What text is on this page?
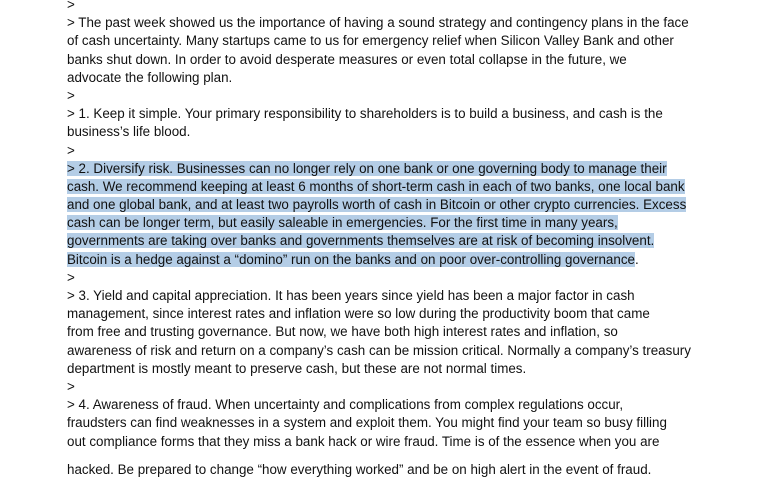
>
> The past week showed us the importance of having a sound strategy and contingency plans in the face
of cash uncertainty. Many startups came to us for emergency relief when Silicon Valley Bank and other
banks shut down. In order to avoid desperate measures or even total collapse in the future, we
advocate the following plan.
>
> 1. Keep it simple. Your primary responsibility to shareholders is to build a business, and cash is the
business’s life blood.
>
> 2. Diversify risk. Businesses can no longer rely on one bank or one governing body to manage their
cash. We recommend keeping at least 6 months of short-term cash in each of two banks, one local bank
and one global bank, and at least two payrolls worth of cash in Bitcoin or other crypto currencies. Excess
cash can be longer term, but easily saleable in emergencies. For the first time in many years,
governments are taking over banks and governments themselves are at risk of becoming insolvent.
Bitcoin is a hedge against a “domino” run on the banks and on poor over-controlling governance.
>
> 3. Yield and capital appreciation. It has been years since yield has been a major factor in cash
management, since interest rates and inflation were so low during the productivity boom that came
from free and trusting governance. But now, we have both high interest rates and inflation, so
awareness of risk and return on a company’s cash can be mission critical. Normally a company’s treasury
department is mostly meant to preserve cash, but these are not normal times.
>
> 4. Awareness of fraud. When uncertainty and complications from complex regulations occur,
fraudsters can find weaknesses in a system and exploit them. You might find your team so busy filling
out compliance forms that they miss a bank hack or wire fraud. Time is of the essence when you are
hacked. Be prepared to change “how everything worked” and be on high alert in the event of fraud.
